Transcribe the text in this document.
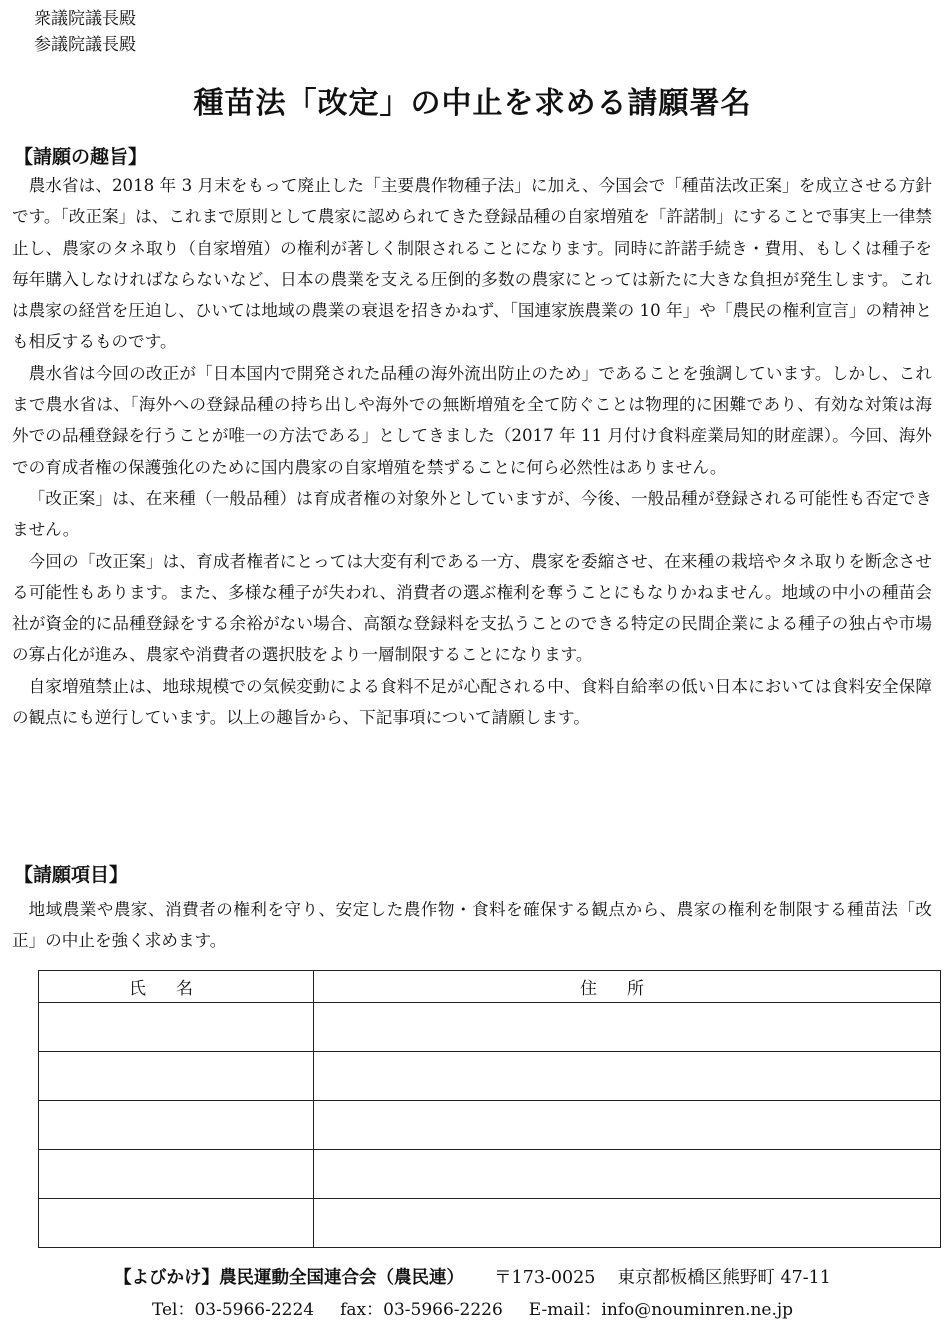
衆議院議長殿
参議院議長殿
種苗法「改定」の中止を求める請願署名
【請願の趣旨】

農水省は、2018 年 3 月末をもって廃止した「主要農作物種子法」に加え、今国会で「種苗法改正案」を成立させる方針です。「改正案」は、これまで原則として農家に認められてきた登録品種の自家増殖を「許諾制」にすることで事実上一律禁止し、農家のタネ取り（自家増殖）の権利が著しく制限されることになります。同時に許諾手続き・費用、もしくは種子を毎年購入しなければならないなど、日本の農業を支える圧倒的多数の農家にとっては新たに大きな負担が発生します。これは農家の経営を圧迫し、ひいては地域の農業の衰退を招きかねず、「国連家族農業の 10 年」や「農民の権利宣言」の精神とも相反するものです。

農水省は今回の改正が「日本国内で開発された品種の海外流出防止のため」であることを強調しています。しかし、これまで農水省は、「海外への登録品種の持ち出しや海外での無断増殖を全て防ぐことは物理的に困難であり、有効な対策は海外での品種登録を行うことが唯一の方法である」としてきました（2017 年 11 月付け食料産業局知的財産課）。今回、海外での育成者権の保護強化のために国内農家の自家増殖を禁ずることに何ら必然性はありません。

「改正案」は、在来種（一般品種）は育成者権の対象外としていますが、今後、一般品種が登録される可能性も否定できません。

今回の「改正案」は、育成者権者にとっては大変有利である一方、農家を委縮させ、在来種の栽培やタネ取りを断念させる可能性もあります。また、多様な種子が失われ、消費者の選ぶ権利を奪うことにもなりかねません。地域の中小の種苗会社が資金的に品種登録をする余裕がない場合、高額な登録料を支払うことのできる特定の民間企業による種子の独占や市場の寡占化が進み、農家や消費者の選択肢をより一層制限することになります。

自家増殖禁止は、地球規模での気候変動による食料不足が心配される中、食料自給率の低い日本においては食料安全保障の観点にも逆行しています。以上の趣旨から、下記事項について請願します。

【請願項目】

地域農業や農家、消費者の権利を守り、安定した農作物・食料を確保する観点から、農家の権利を制限する種苗法「改正」の中止を強く求めます。

氏名	住所

【よびかけ】農民運動全国連合会（農民連） 〒173-0025 東京都板橋区熊野町 47-11
Tel：03-5966-2224 fax：03-5966-2226 E-mail：info@nouminren.ne.jp
